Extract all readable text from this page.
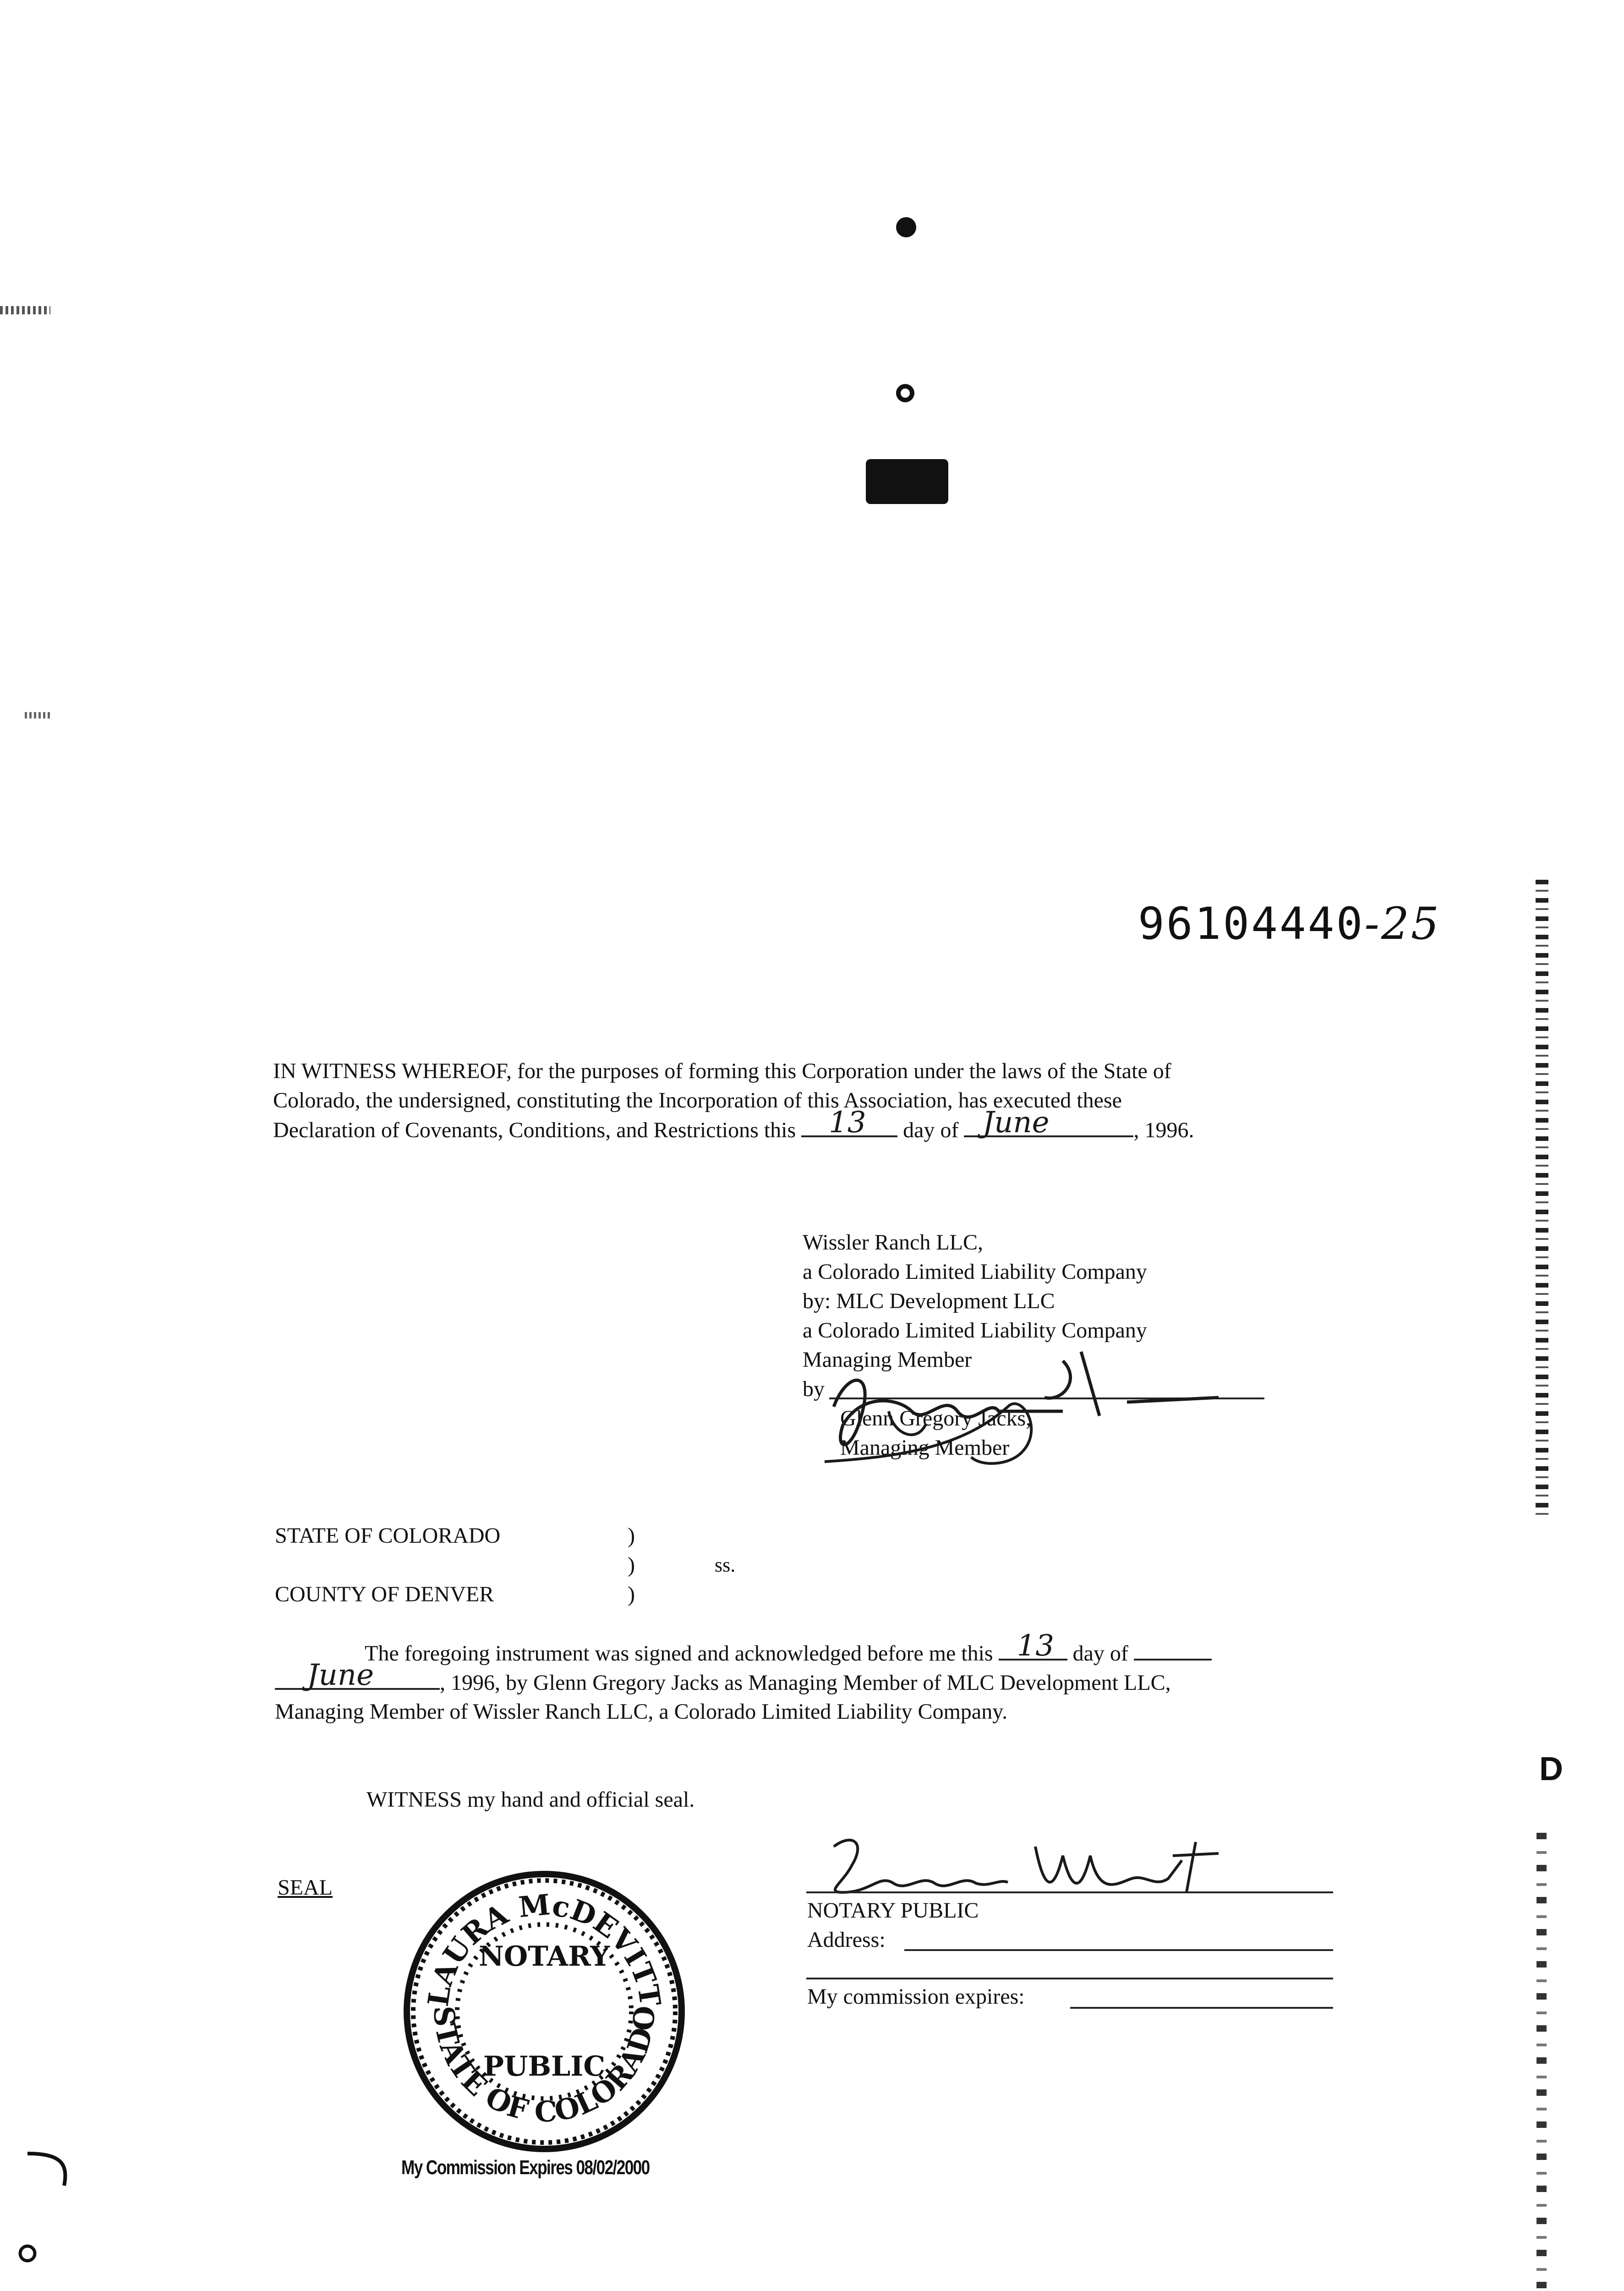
96104440-25
IN WITNESS WHEREOF, for the purposes of forming this Corporation under the laws of the State of
Colorado, the undersigned, constituting the Incorporation of this Association, has executed these
Declaration of Covenants, Conditions, and Restrictions this 13 day of June	, 1996.
Wissler Ranch LLC,
a Colorado Limited Liability Company
by: MLC Development LLC
a Colorado Limited Liability Company
Managing Member
by
Glenn Gregory Jacks,
Managing Member
STATE OF COLORADO	)
)	ss.
COUNTY OF DENVER	)
The foregoing instrument was signed and acknowledged before me this 13 day of
June	, 1996, by Glenn Gregory Jacks as Managing Member of MLC Development LLC,
Managing Member of Wissler Ranch LLC, a Colorado Limited Liability Company.
WITNESS my hand and official seal.
SEAL
LAURA McDEVITT
STATE OF COLORADO
NOTARY
PUBLIC
My Commission Expires 08/02/2000
NOTARY PUBLIC
Address:
My commission expires:
D
